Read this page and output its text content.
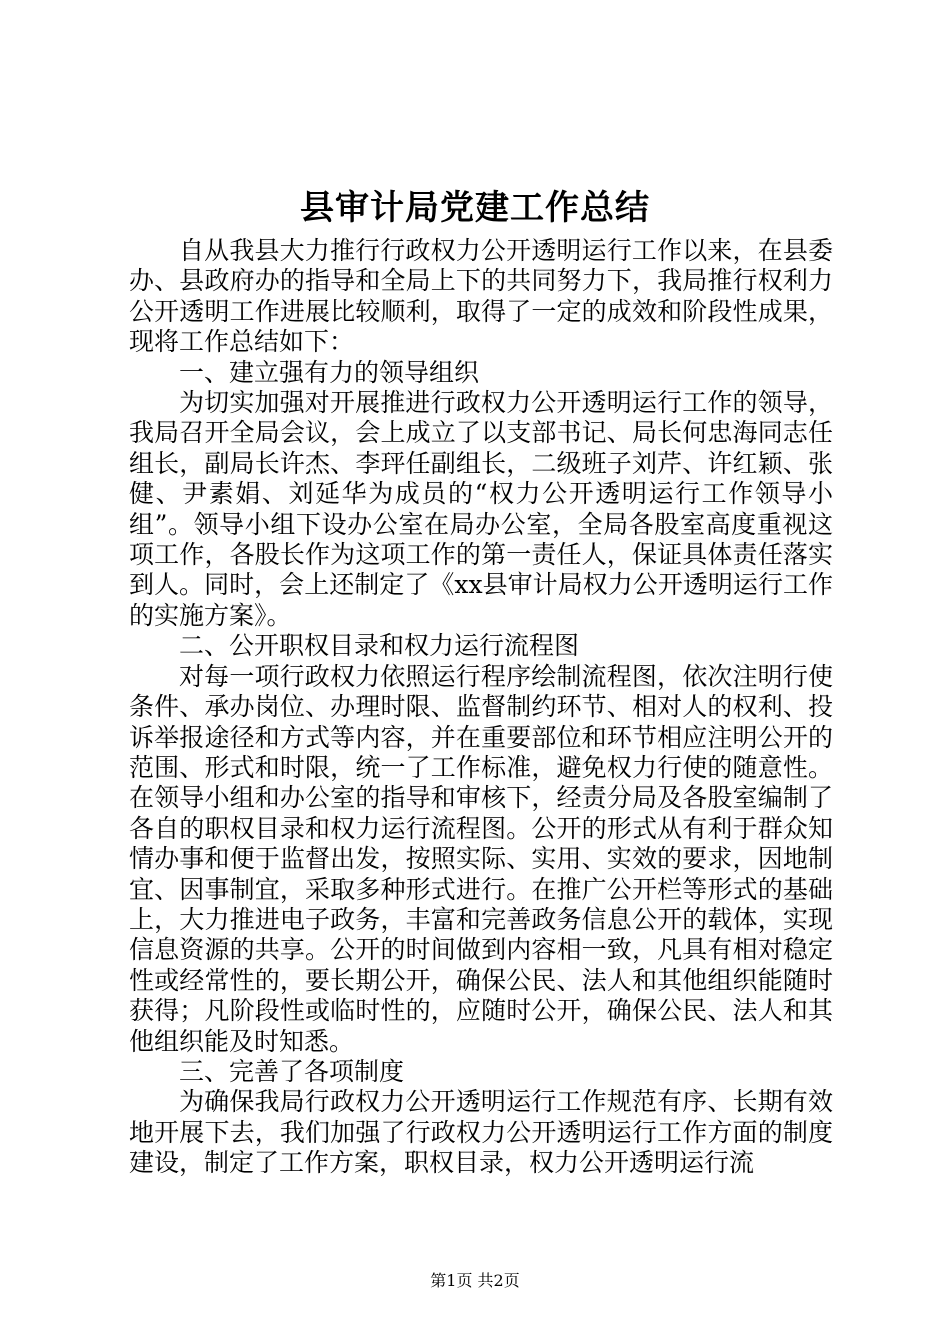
县审计局党建工作总结

自从我县大力推行行政权力公开透明运行工作以来，在县委办、县政府办的指导和全局上下的共同努力下，我局推行权利力公开透明工作进展比较顺利，取得了一定的成效和阶段性成果，现将工作总结如下：

一、建立强有力的领导组织

为切实加强对开展推进行政权力公开透明运行工作的领导，我局召开全局会议，会上成立了以支部书记、局长何忠海同志任组长，副局长许杰、李玶任副组长，二级班子刘芹、许红颖、张健、尹素娟、刘延华为成员的“权力公开透明运行工作领导小组”。领导小组下设办公室在局办公室，全局各股室高度重视这项工作，各股长作为这项工作的第一责任人，保证具体责任落实到人。同时，会上还制定了《xx县审计局权力公开透明运行工作的实施方案》。

二、公开职权目录和权力运行流程图

对每一项行政权力依照运行程序绘制流程图，依次注明行使条件、承办岗位、办理时限、监督制约环节、相对人的权利、投诉举报途径和方式等内容，并在重要部位和环节相应注明公开的范围、形式和时限，统一了工作标准，避免权力行使的随意性。在领导小组和办公室的指导和审核下，经责分局及各股室编制了各自的职权目录和权力运行流程图。公开的形式从有利于群众知情办事和便于监督出发，按照实际、实用、实效的要求，因地制宜、因事制宜，采取多种形式进行。在推广公开栏等形式的基础上，大力推进电子政务，丰富和完善政务信息公开的载体，实现信息资源的共享。公开的时间做到内容相一致，凡具有相对稳定性或经常性的，要长期公开，确保公民、法人和其他组织能随时获得；凡阶段性或临时性的，应随时公开，确保公民、法人和其他组织能及时知悉。

三、完善了各项制度

为确保我局行政权力公开透明运行工作规范有序、长期有效地开展下去，我们加强了行政权力公开透明运行工作方面的制度建设，制定了工作方案，职权目录，权力公开透明运行流

第1页 共2页
